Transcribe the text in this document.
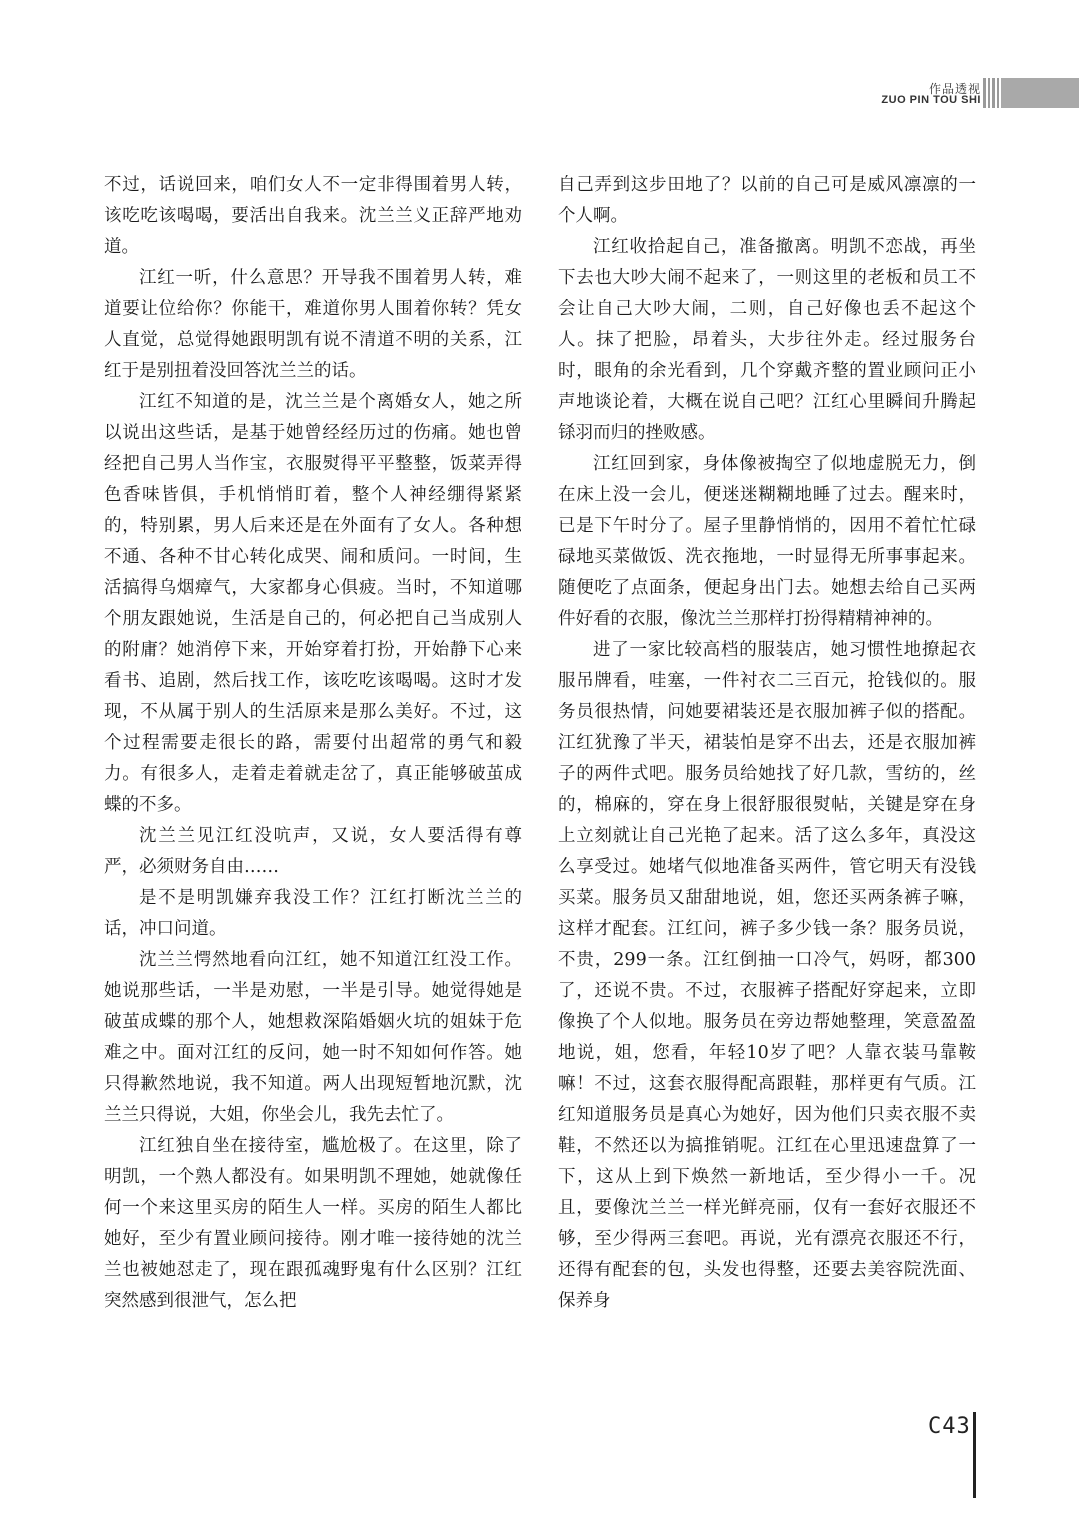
作品透视
ZUO PIN TOU SHI

不过，话说回来，咱们女人不一定非得围着男人转，该吃吃该喝喝，要活出自我来。沈兰兰义正辞严地劝道。

江红一听，什么意思？开导我不围着男人转，难道要让位给你？你能干，难道你男人围着你转？凭女人直觉，总觉得她跟明凯有说不清道不明的关系，江红于是别扭着没回答沈兰兰的话。

江红不知道的是，沈兰兰是个离婚女人，她之所以说出这些话，是基于她曾经经历过的伤痛。她也曾经把自己男人当作宝，衣服熨得平平整整，饭菜弄得色香味皆俱，手机悄悄盯着，整个人神经绷得紧紧的，特别累，男人后来还是在外面有了女人。各种想不通、各种不甘心转化成哭、闹和质问。一时间，生活搞得乌烟瘴气，大家都身心俱疲。当时，不知道哪个朋友跟她说，生活是自己的，何必把自己当成别人的附庸？她消停下来，开始穿着打扮，开始静下心来看书、追剧，然后找工作，该吃吃该喝喝。这时才发现，不从属于别人的生活原来是那么美好。不过，这个过程需要走很长的路，需要付出超常的勇气和毅力。有很多人，走着走着就走岔了，真正能够破茧成蝶的不多。

沈兰兰见江红没吭声，又说，女人要活得有尊严，必须财务自由……

是不是明凯嫌弃我没工作？江红打断沈兰兰的话，冲口问道。

沈兰兰愕然地看向江红，她不知道江红没工作。她说那些话，一半是劝慰，一半是引导。她觉得她是破茧成蝶的那个人，她想救深陷婚姻火坑的姐妹于危难之中。面对江红的反问，她一时不知如何作答。她只得歉然地说，我不知道。两人出现短暂地沉默，沈兰兰只得说，大姐，你坐会儿，我先去忙了。

江红独自坐在接待室，尴尬极了。在这里，除了明凯，一个熟人都没有。如果明凯不理她，她就像任何一个来这里买房的陌生人一样。买房的陌生人都比她好，至少有置业顾问接待。刚才唯一接待她的沈兰兰也被她怼走了，现在跟孤魂野鬼有什么区别？江红突然感到很泄气，怎么把

自己弄到这步田地了？以前的自己可是威风凛凛的一个人啊。

江红收拾起自己，准备撤离。明凯不恋战，再坐下去也大吵大闹不起来了，一则这里的老板和员工不会让自己大吵大闹，二则，自己好像也丢不起这个人。抹了把脸，昂着头，大步往外走。经过服务台时，眼角的余光看到，几个穿戴齐整的置业顾问正小声地谈论着，大概在说自己吧？江红心里瞬间升腾起铩羽而归的挫败感。

江红回到家，身体像被掏空了似地虚脱无力，倒在床上没一会儿，便迷迷糊糊地睡了过去。醒来时，已是下午时分了。屋子里静悄悄的，因用不着忙忙碌碌地买菜做饭、洗衣拖地，一时显得无所事事起来。随便吃了点面条，便起身出门去。她想去给自己买两件好看的衣服，像沈兰兰那样打扮得精精神神的。

进了一家比较高档的服装店，她习惯性地撩起衣服吊牌看，哇塞，一件衬衣二三百元，抢钱似的。服务员很热情，问她要裙装还是衣服加裤子似的搭配。江红犹豫了半天，裙装怕是穿不出去，还是衣服加裤子的两件式吧。服务员给她找了好几款，雪纺的，丝的，棉麻的，穿在身上很舒服很熨帖，关键是穿在身上立刻就让自己光艳了起来。活了这么多年，真没这么享受过。她堵气似地准备买两件，管它明天有没钱买菜。服务员又甜甜地说，姐，您还买两条裤子嘛，这样才配套。江红问，裤子多少钱一条？服务员说，不贵，299一条。江红倒抽一口冷气，妈呀，都300了，还说不贵。不过，衣服裤子搭配好穿起来，立即像换了个人似地。服务员在旁边帮她整理，笑意盈盈地说，姐，您看，年轻10岁了吧？人靠衣装马靠鞍嘛！不过，这套衣服得配高跟鞋，那样更有气质。江红知道服务员是真心为她好，因为他们只卖衣服不卖鞋，不然还以为搞推销呢。江红在心里迅速盘算了一下，这从上到下焕然一新地话，至少得小一千。况且，要像沈兰兰一样光鲜亮丽，仅有一套好衣服还不够，至少得两三套吧。再说，光有漂亮衣服还不行，还得有配套的包，头发也得整，还要去美容院洗面、保养身

C43
